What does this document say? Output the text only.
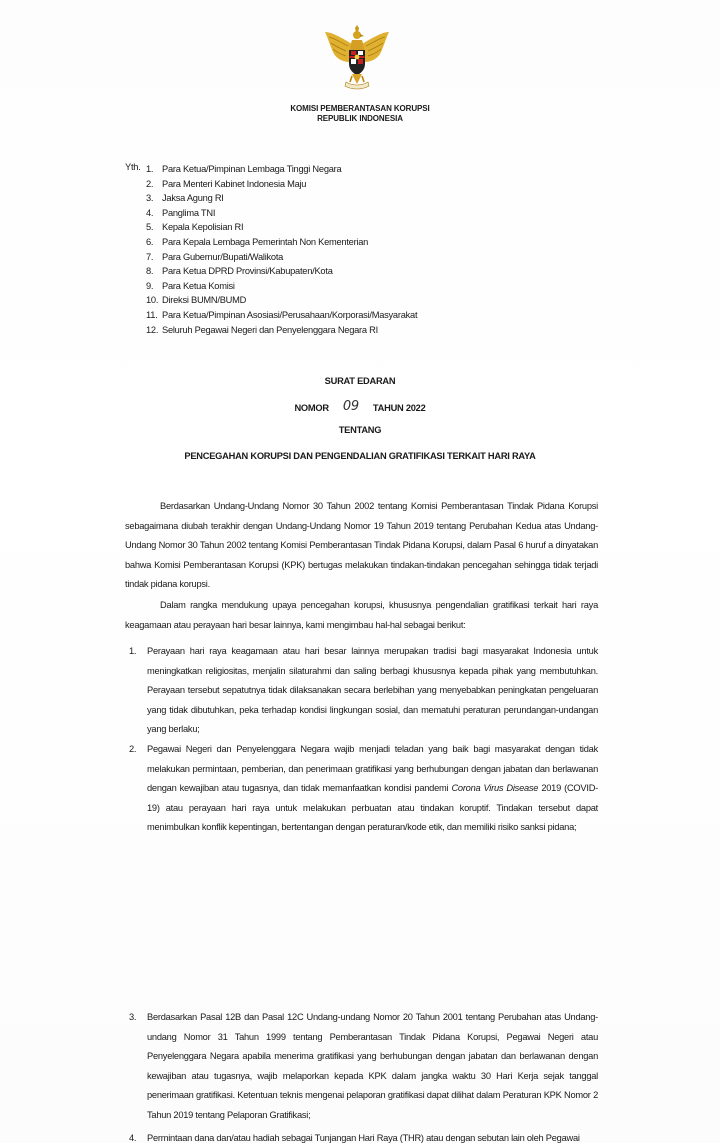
KOMISI PEMBERANTASAN KORUPSI
REPUBLIK INDONESIA
Yth. 1. Para Ketua/Pimpinan Lembaga Tinggi Negara
2. Para Menteri Kabinet Indonesia Maju
3. Jaksa Agung RI
4. Panglima TNI
5. Kepala Kepolisian RI
6. Para Kepala Lembaga Pemerintah Non Kementerian
7. Para Gubernur/Bupati/Walikota
8. Para Ketua DPRD Provinsi/Kabupaten/Kota
9. Para Ketua Komisi
10. Direksi BUMN/BUMD
11. Para Ketua/Pimpinan Asosiasi/Perusahaan/Korporasi/Masyarakat
12. Seluruh Pegawai Negeri dan Penyelenggara Negara RI
SURAT EDARAN
NOMOR 09 TAHUN 2022
TENTANG
PENCEGAHAN KORUPSI DAN PENGENDALIAN GRATIFIKASI TERKAIT HARI RAYA
Berdasarkan Undang-Undang Nomor 30 Tahun 2002 tentang Komisi Pemberantasan Tindak Pidana Korupsi sebagaimana diubah terakhir dengan Undang-Undang Nomor 19 Tahun 2019 tentang Perubahan Kedua atas Undang-Undang Nomor 30 Tahun 2002 tentang Komisi Pemberantasan Tindak Pidana Korupsi, dalam Pasal 6 huruf a dinyatakan bahwa Komisi Pemberantasan Korupsi (KPK) bertugas melakukan tindakan-tindakan pencegahan sehingga tidak terjadi tindak pidana korupsi.
Dalam rangka mendukung upaya pencegahan korupsi, khususnya pengendalian gratifikasi terkait hari raya keagamaan atau perayaan hari besar lainnya, kami mengimbau hal-hal sebagai berikut:
1. Perayaan hari raya keagamaan atau hari besar lainnya merupakan tradisi bagi masyarakat Indonesia untuk meningkatkan religiositas, menjalin silaturahmi dan saling berbagi khususnya kepada pihak yang membutuhkan. Perayaan tersebut sepatutnya tidak dilaksanakan secara berlebihan yang menyebabkan peningkatan pengeluaran yang tidak dibutuhkan, peka terhadap kondisi lingkungan sosial, dan mematuhi peraturan perundangan-undangan yang berlaku;
2. Pegawai Negeri dan Penyelenggara Negara wajib menjadi teladan yang baik bagi masyarakat dengan tidak melakukan permintaan, pemberian, dan penerimaan gratifikasi yang berhubungan dengan jabatan dan berlawanan dengan kewajiban atau tugasnya, dan tidak memanfaatkan kondisi pandemi Corona Virus Disease 2019 (COVID-19) atau perayaan hari raya untuk melakukan perbuatan atau tindakan koruptif. Tindakan tersebut dapat menimbulkan konflik kepentingan, bertentangan dengan peraturan/kode etik, dan memiliki risiko sanksi pidana;
3. Berdasarkan Pasal 12B dan Pasal 12C Undang-undang Nomor 20 Tahun 2001 tentang Perubahan atas Undang-undang Nomor 31 Tahun 1999 tentang Pemberantasan Tindak Pidana Korupsi, Pegawai Negeri atau Penyelenggara Negara apabila menerima gratifikasi yang berhubungan dengan jabatan dan berlawanan dengan kewajiban atau tugasnya, wajib melaporkan kepada KPK dalam jangka waktu 30 Hari Kerja sejak tanggal penerimaan gratifikasi. Ketentuan teknis mengenai pelaporan gratifikasi dapat dilihat dalam Peraturan KPK Nomor 2 Tahun 2019 tentang Pelaporan Gratifikasi;
4. Permintaan dana dan/atau hadiah sebagai Tunjangan Hari Raya (THR) atau dengan sebutan lain oleh Pegawai
